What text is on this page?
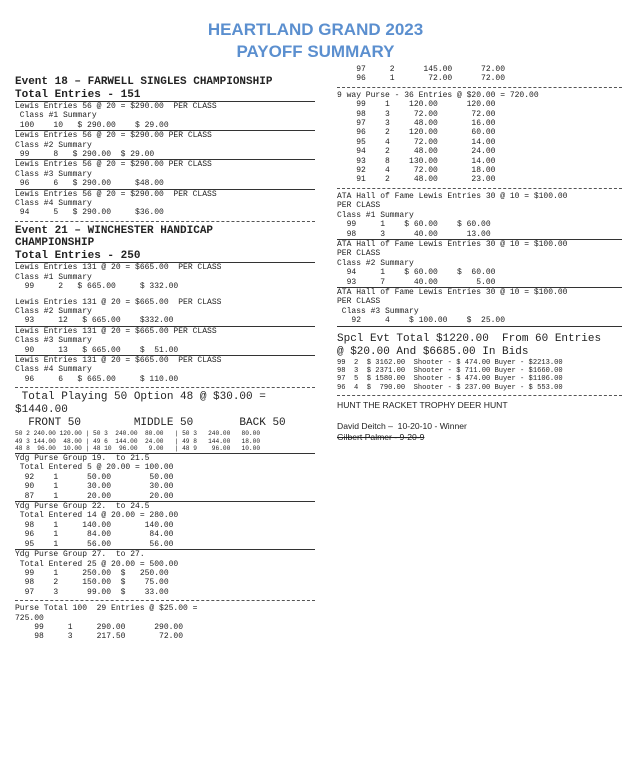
HEARTLAND GRAND 2023
PAYOFF SUMMARY
Event 18 – FARWELL SINGLES CHAMPIONSHIP
Total Entries - 151
Lewis Entries 56 @ 20 = $290.00  PER CLASS
Class #1 Summary
100    10   $ 290.00    $ 29.00
Lewis Entries 56 @ 20 = $290.00 PER CLASS
Class #2 Summary
99     8   $ 290.00  $ 29.00
Lewis Entries 56 @ 20 = $290.00 PER CLASS
Class #3 Summary
96     6   $ 290.00     $48.00
Lewis Entries 56 @ 20 = $290.00  PER CLASS
Class #4 Summary
94     5   $ 290.00     $36.00
Event 21 – WINCHESTER HANDICAP
CHAMPIONSHIP
Total Entries - 250
Lewis Entries 131 @ 20 = $665.00  PER CLASS
Class #1 Summary
99     2   $ 665.00     $ 332.00
Lewis Entries 131 @ 20 = $665.00  PER CLASS
Class #2 Summary
93     12   $ 665.00    $332.00
Lewis Entries 131 @ 20 = $665.00 PER CLASS
Class #3 Summary
90     13   $ 665.00    $  51.00
Lewis Entries 131 @ 20 = $665.00  PER CLASS
Class #4 Summary
96     6   $ 665.00     $ 110.00
Total Playing 50 Option 48 @ $30.00 =
$1440.00
FRONT 50        MIDDLE 50       BACK 50
50 2 240.00 120.00 | 50 3  240.00  80.00   | 50 3   240.00   80.00
49 3 144.00  48.00 | 49 6  144.00  24.00   | 49 8   144.00   18.00
48 8  96.00  10.00 | 48 10  96.00   9.00   | 48 9    96.00   10.00
Ydg Purse Group 19.  to 21.5
Total Entered 5 @ 20.00 = 100.00
92    1      50.00        50.00
90    1      30.00        30.00
87    1      20.00        20.00
Ydg Purse Group 22.  to 24.5
Total Entered 14 @ 20.00 = 280.00
98    1     140.00       140.00
96    1      84.00        84.00
95    1      56.00        56.00
Ydg Purse Group 27.  to 27.
Total Entered 25 @ 20.00 = 500.00
99    1     250.00  $   250.00
98    2     150.00  $    75.00
97    3      99.00  $    33.00
Purse Total 100  29 Entries @ $25.00 =
725.00
99     1     290.00      290.00
98     3     217.50       72.00
97     2      145.00      72.00
96     1       72.00      72.00
9 way Purse - 36 Entries @ $20.00 = 720.00
99    1    120.00      120.00
98    3     72.00       72.00
97    3     48.00       16.00
96    2    120.00       60.00
95    4     72.00       14.00
94    2     48.00       24.00
93    8    130.00       14.00
92    4     72.00       18.00
91    2     48.00       23.00
ATA Hall of Fame Lewis Entries 30 @ 10 = $100.00
PER CLASS
Class #1 Summary
99     1    $ 60.00    $ 60.00
98     3      40.00      13.00
ATA Hall of Fame Lewis Entries 30 @ 10 = $100.00
PER CLASS
Class #2 Summary
94     1    $ 60.00    $  60.00
93     7      40.00        5.00
ATA Hall of Fame Lewis Entries 30 @ 10 = $100.00
PER CLASS
Class #3 Summary
92     4    $ 100.00    $  25.00
Spcl Evt Total $1220.00  From 60 Entries
@ $20.00 And $6685.00 In Bids
99  2  $ 3162.00  Shooter - $ 474.00 Buyer - $2213.00
98  3  $ 2371.00  Shooter - $ 711.00 Buyer - $1660.00
97  5  $ 1580.00  Shooter - $ 474.00 Buyer - $1106.00
96  4  $  790.00  Shooter - $ 237.00 Buyer - $ 553.00
HUNT THE RACKET TROPHY DEER HUNT
David Deitch –  10-20-10 - Winner
Gilbert Palmer - 9-20-9
